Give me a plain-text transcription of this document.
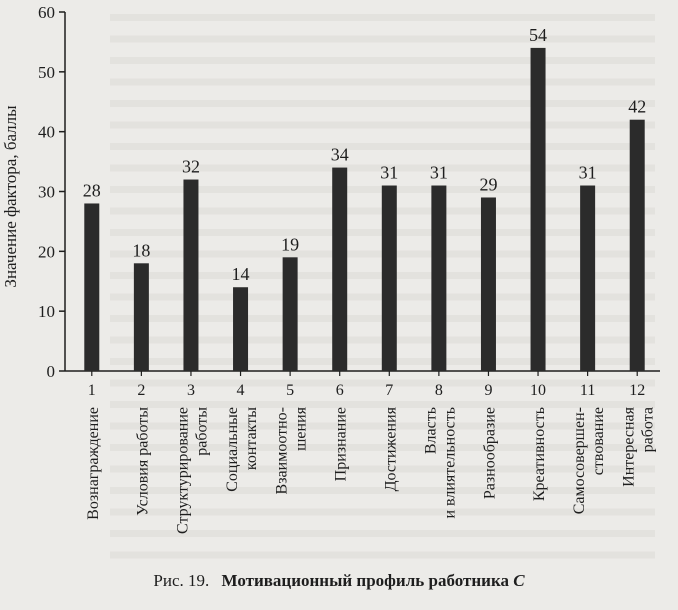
0
10
20
30
40
50
60
Значение фактора, баллы	28
1
Вознаграждение
18
2
Условия работы
32
3
Структурирование работы
14
4
Социальные контакты
19
5
Взаимоотно- шения
34
6
Признание
31
7
Достижения
31
8
Власть и влиятельность
29
9
Разнообразие
54
10
Креативность
31
11
Самосовершен- ствование
42
12
Интересная работа
Рис. 19. Мотивационный профиль работника С
